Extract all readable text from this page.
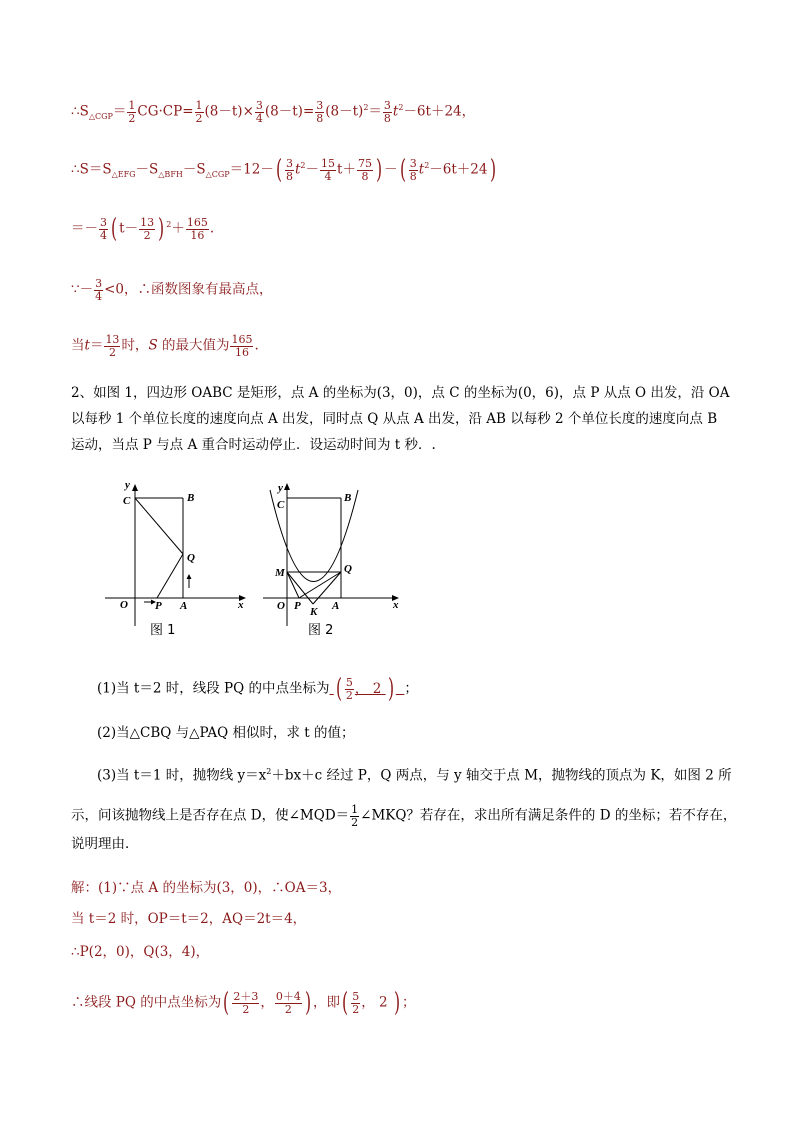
$\therefore S_{\triangle CGP}= \frac{1}{2} CG\cdot CP= \frac{1}{2} (8-t)\times \frac{3}{4} (8-t)= \frac{3}{8} (8-t)^2= \frac{3}{8} t^2-6t+24$，
$\therefore S=S_{\triangle EFG}-S_{\triangle BFH}-S_{\triangle CGP}=12-( \frac{3}{8} t^2- \frac{15}{4} t+ \frac{75}{8}$ ) －( $\frac{3}{8} t^2-6t+24$)
＝－ $\frac{3}{4}$ ( $t- \frac{13}{2}$ ) $^2+ \frac{165}{16}$ .
∵－ $\frac{3}{4} <0$，∴函数图象有最高点，
当$t= \frac{13}{2}$ 时，S 的最大值为 $\frac{165}{16}$ .
2、如图 1，四边形 OABC 是矩形，点 A 的坐标为(3，0)，点 C 的坐标为(0，6)，点 P 从点 O 出发，沿 OA
以每秒 1 个单位长度的速度向点 A 出发，同时点 Q 从点 A 出发，沿 AB 以每秒 2 个单位长度的速度向点 B
运动，当点 P 与点 A 重合时运动停止．设运动时间为 t 秒．.
y
C	B
Q
O P A	x
图 1
y
C
B
M	Q
O P K A	x
图 2
(1)当 t＝2 时，线段 PQ 的中点坐标为 ( $\frac{5}{2}$ ， 2 ) ；
(2)当△CBQ 与△PAQ 相似时，求 t 的值；
(3)当 t＝1 时，抛物线 $y=x^2+bx+c$ 经过 P，Q 两点，与 y 轴交于点 M，抛物线的顶点为 K，如图 2 所
示，问该抛物线上是否存在点 D，使∠MQD＝ $\frac{1}{2}$ ∠MKQ？若存在，求出所有满足条件的 D 的坐标；若不存在，
说明理由．
解：(1)∵点 A 的坐标为(3，0)，∴OA＝3，
当 t＝2 时，OP＝t＝2，AQ＝2t＝4，
∴P(2，0)，Q(3，4)，
∴线段 PQ 的中点坐标为( $\frac{2+3}{2}$ ， $\frac{0+4}{2}$ ) ，即( $\frac{5}{2}$ ， 2 ) ；
